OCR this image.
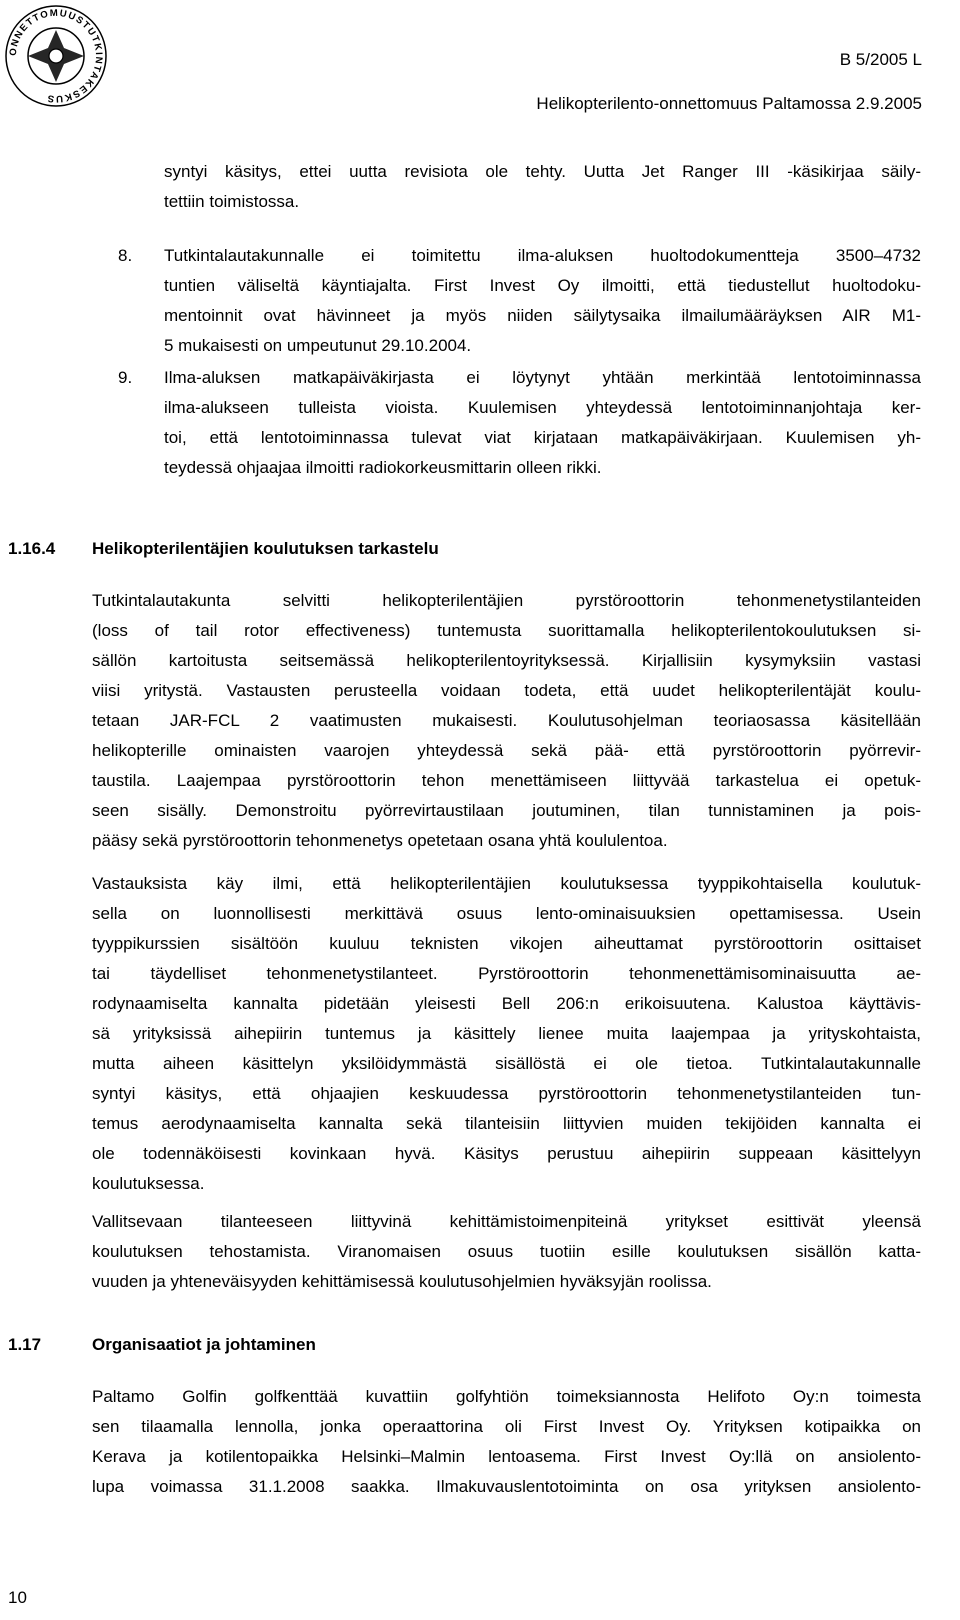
ONNETTOMUUSTUTKINTAKESKUS
B 5/2005 L
Helikopterilento-onnettomuus Paltamossa 2.9.2005
syntyi käsitys, ettei uutta revisiota ole tehty. Uutta Jet Ranger III -käsikirjaa säily-
tettiin toimistossa.
8. Tutkintalautakunnalle ei toimitettu ilma-aluksen huoltodokumentteja 3500–4732
tuntien väliseltä käyntiajalta. First Invest Oy ilmoitti, että tiedustellut huoltodoku-
mentoinnit ovat hävinneet ja myös niiden säilytysaika ilmailumääräyksen AIR M1-
5 mukaisesti on umpeutunut 29.10.2004.
9. Ilma-aluksen matkapäiväkirjasta ei löytynyt yhtään merkintää lentotoiminnassa
ilma-alukseen tulleista vioista. Kuulemisen yhteydessä lentotoiminnanjohtaja ker-
toi, että lentotoiminnassa tulevat viat kirjataan matkapäiväkirjaan. Kuulemisen yh-
teydessä ohjaajaa ilmoitti radiokorkeusmittarin olleen rikki.
1.16.4 Helikopterilentäjien koulutuksen tarkastelu
Tutkintalautakunta selvitti helikopterilentäjien pyrstöroottorin tehonmenetystilanteiden
(loss of tail rotor effectiveness) tuntemusta suorittamalla helikopterilentokoulutuksen si-
sällön kartoitusta seitsemässä helikopterilentoyrityksessä. Kirjallisiin kysymyksiin vastasi
viisi yritystä. Vastausten perusteella voidaan todeta, että uudet helikopterilentäjät koulu-
tetaan JAR-FCL 2 vaatimusten mukaisesti. Koulutusohjelman teoriaosassa käsitellään
helikopterille ominaisten vaarojen yhteydessä sekä pää- että pyrstöroottorin pyörrevir-
taustila. Laajempaa pyrstöroottorin tehon menettämiseen liittyvää tarkastelua ei opetuk-
seen sisälly. Demonstroitu pyörrevirtaustilaan joutuminen, tilan tunnistaminen ja pois-
pääsy sekä pyrstöroottorin tehonmenetys opetetaan osana yhtä koululentoa.
Vastauksista käy ilmi, että helikopterilentäjien koulutuksessa tyyppikohtaisella koulutuk-
sella on luonnollisesti merkittävä osuus lento-ominaisuuksien opettamisessa. Usein
tyyppikurssien sisältöön kuuluu teknisten vikojen aiheuttamat pyrstöroottorin osittaiset
tai täydelliset tehonmenetystilanteet. Pyrstöroottorin tehonmenettämisominaisuutta ae-
rodynaamiselta kannalta pidetään yleisesti Bell 206:n erikoisuutena. Kalustoa käyttävis-
sä yrityksissä aihepiirin tuntemus ja käsittely lienee muita laajempaa ja yrityskohtaista,
mutta aiheen käsittelyn yksilöidymmästä sisällöstä ei ole tietoa. Tutkintalautakunnalle
syntyi käsitys, että ohjaajien keskuudessa pyrstöroottorin tehonmenetystilanteiden tun-
temus aerodynaamiselta kannalta sekä tilanteisiin liittyvien muiden tekijöiden kannalta ei
ole todennäköisesti kovinkaan hyvä. Käsitys perustuu aihepiirin suppeaan käsittelyyn
koulutuksessa.
Vallitsevaan tilanteeseen liittyvinä kehittämistoimenpiteinä yritykset esittivät yleensä
koulutuksen tehostamista. Viranomaisen osuus tuotiin esille koulutuksen sisällön katta-
vuuden ja yhteneväisyyden kehittämisessä koulutusohjelmien hyväksyjän roolissa.
1.17	Organisaatiot ja johtaminen
Paltamo Golfin golfkenttää kuvattiin golfyhtiön toimeksiannosta Helifoto Oy:n toimesta
sen tilaamalla lennolla, jonka operaattorina oli First Invest Oy. Yrityksen kotipaikka on
Kerava ja kotilentopaikka Helsinki–Malmin lentoasema. First Invest Oy:llä on ansiolento-
lupa voimassa 31.1.2008 saakka. Ilmakuvauslentotoiminta on osa yrityksen ansiolento-
10
